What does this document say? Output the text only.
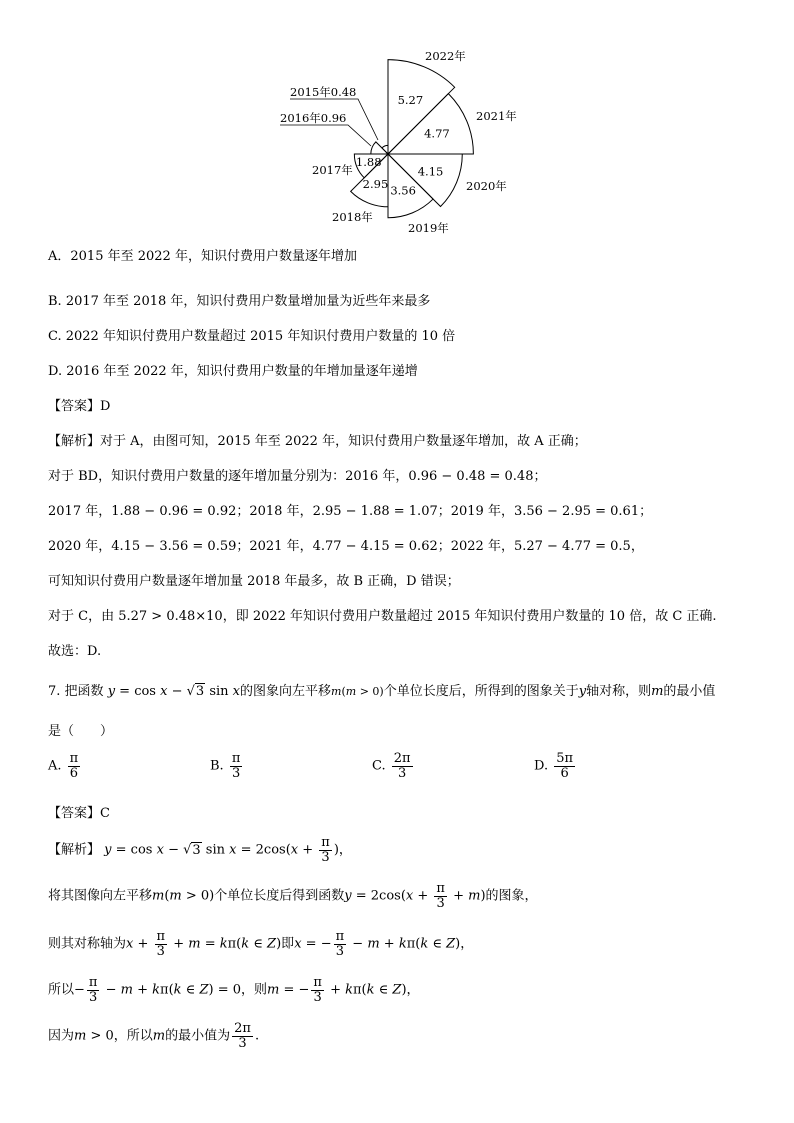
1.88
2.95 3.56
4.15
4.77
5.27
2015年0.48
2016年0.96
2017年
2018年
2019年
2020年
2021年
2022年
A．2015 年至 2022 年，知识付费用户数量逐年增加
B. 2017 年至 2018 年，知识付费用户数量增加量为近些年来最多
C. 2022 年知识付费用户数量超过 2015 年知识付费用户数量的 10 倍
D. 2016 年至 2022 年，知识付费用户数量的年增加量逐年递增
【答案】D
【解析】对于 A，由图可知，2015 年至 2022 年，知识付费用户数量逐年增加，故 A 正确；
对于 BD，知识付费用户数量的逐年增加量分别为：2016 年，0.96 − 0.48 = 0.48；
2017 年，1.88 − 0.96 = 0.92；2018 年，2.95 − 1.88 = 1.07；2019 年，3.56 − 2.95 = 0.61；
2020 年，4.15 − 3.56 = 0.59；2021 年，4.77 − 4.15 = 0.62；2022 年，5.27 − 4.77 = 0.5，
可知知识付费用户数量逐年增加量 2018 年最多，故 B 正确，D 错误；
对于 C，由 5.27 > 0.48×10，即 2022 年知识付费用户数量超过 2015 年知识付费用户数量的 10 倍，故 C 正确.
故选：D.
7. 把函数 y = cos x − √3 sin x的图象向左平移m(m > 0)个单位长度后，所得到的图象关于y轴对称，则m的最小值
是（　　）
A. $\frac{\pi}{6}$	B. $\frac{\pi}{3}$	C. $\frac{2\pi}{3}$	D. $\frac{5\pi}{6}$
【答案】C
【解析】 y = cos x − √3 $\sin x = 2\cos(x + \frac{\pi}{3}$ )，
将其图像向左平移m(m > 0)个单位长度后得到函数$y = 2\cos(x + \frac{\pi}{3} + m)$的图象，
则其对称轴为$x + \frac{\pi}{3} + m = k\pi(k$ ∈ Z)即x = − $\frac{\pi}{3} - m + k\pi(k$ ∈ Z)，
所以− $\frac{\pi}{3} - m + k\pi(k$ ∈ Z) = 0，则m = − $\frac{\pi}{3} + k\pi(k$ ∈ Z)，
因为m > 0，所以m的最小值为 $\frac{2\pi}{3}$ .
